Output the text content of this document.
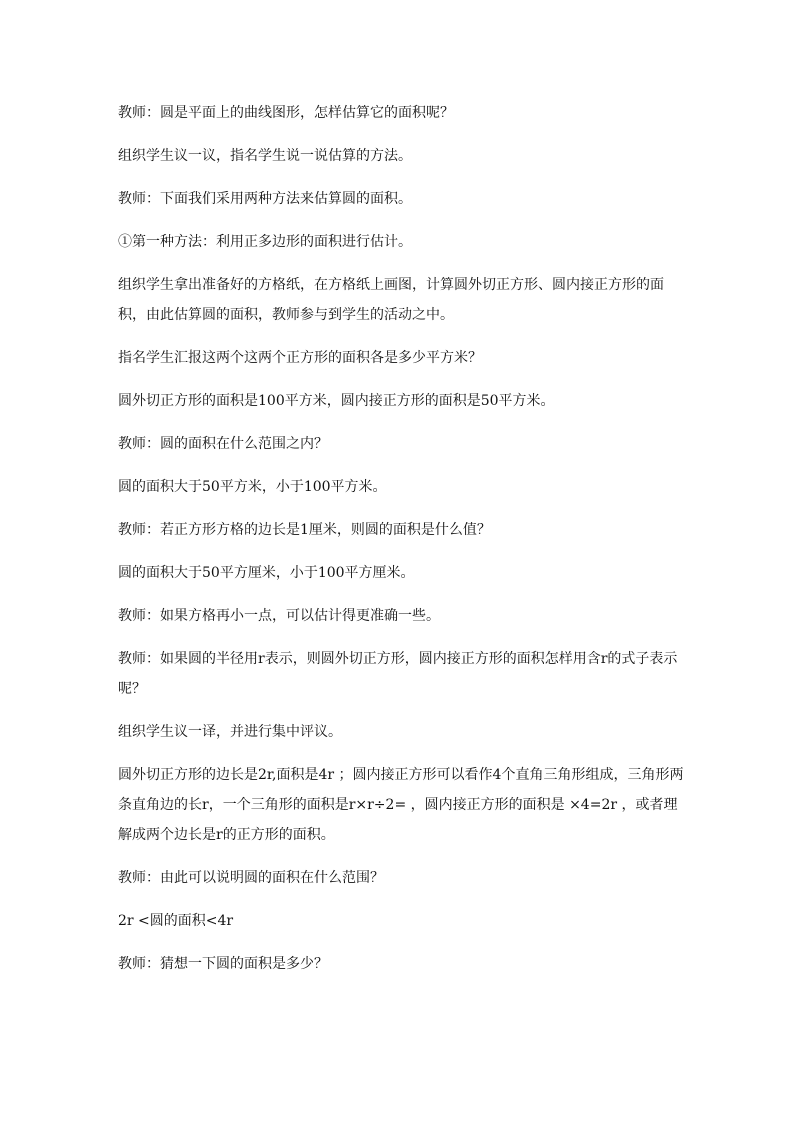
教师：圆是平面上的曲线图形，怎样估算它的面积呢？

组织学生议一议，指名学生说一说估算的方法。

教师：下面我们采用两种方法来估算圆的面积。

①第一种方法：利用正多边形的面积进行估计。

组织学生拿出准备好的方格纸，在方格纸上画图，计算圆外切正方形、圆内接正方形的面积，由此估算圆的面积，教师参与到学生的活动之中。

指名学生汇报这两个这两个正方形的面积各是多少平方米？

圆外切正方形的面积是100平方米，圆内接正方形的面积是50平方米。

教师：圆的面积在什么范围之内？

圆的面积大于50平方米，小于100平方米。

教师：若正方形方格的边长是1厘米，则圆的面积是什么值？

圆的面积大于50平方厘米，小于100平方厘米。

教师：如果方格再小一点，可以估计得更准确一些。

教师：如果圆的半径用r表示，则圆外切正方形，圆内接正方形的面积怎样用含r的式子表示呢？

组织学生议一译，并进行集中评议。

圆外切正方形的边长是2r,面积是4r ；圆内接正方形可以看作4个直角三角形组成，三角形两条直角边的长r，一个三角形的面积是r×r÷2= ，圆内接正方形的面积是 ×4=2r ，或者理解成两个边长是r的正方形的面积。

教师：由此可以说明圆的面积在什么范围？

2r <圆的面积<4r

教师：猜想一下圆的面积是多少？
